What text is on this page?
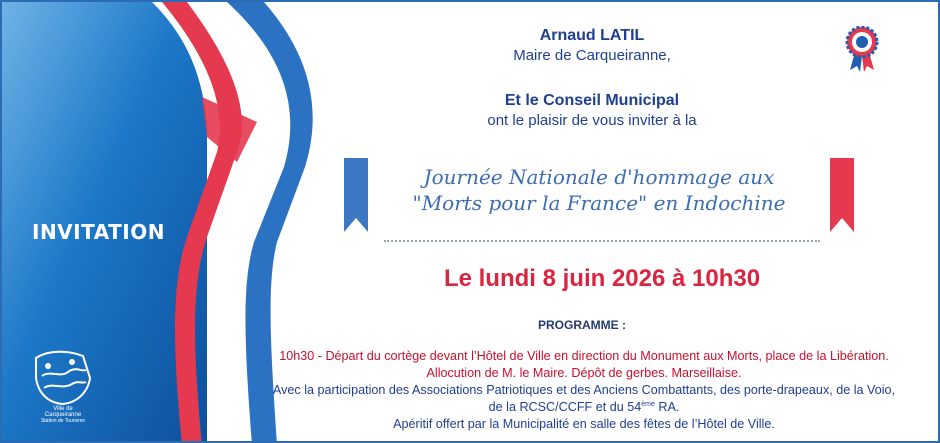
INVITATION
Ville de
Carqueiranne
Station de Tourisme
Arnaud LATIL
Maire de Carqueiranne,
Et le Conseil Municipal
ont le plaisir de vous inviter à la
Journée Nationale d'hommage aux
"Morts pour la France" en Indochine
Le lundi 8 juin 2026 à 10h30
PROGRAMME :
10h30 - Départ du cortège devant l’Hôtel de Ville en direction du Monument aux Morts, place de la Libération.
Allocution de M. le Maire. Dépôt de gerbes. Marseillaise.
Avec la participation des Associations Patriotiques et des Anciens Combattants, des porte-drapeaux, de la Voio,
de la RCSC/CCFF et du 54ème RA.
Apéritif offert par la Municipalité en salle des fêtes de l’Hôtel de Ville.
